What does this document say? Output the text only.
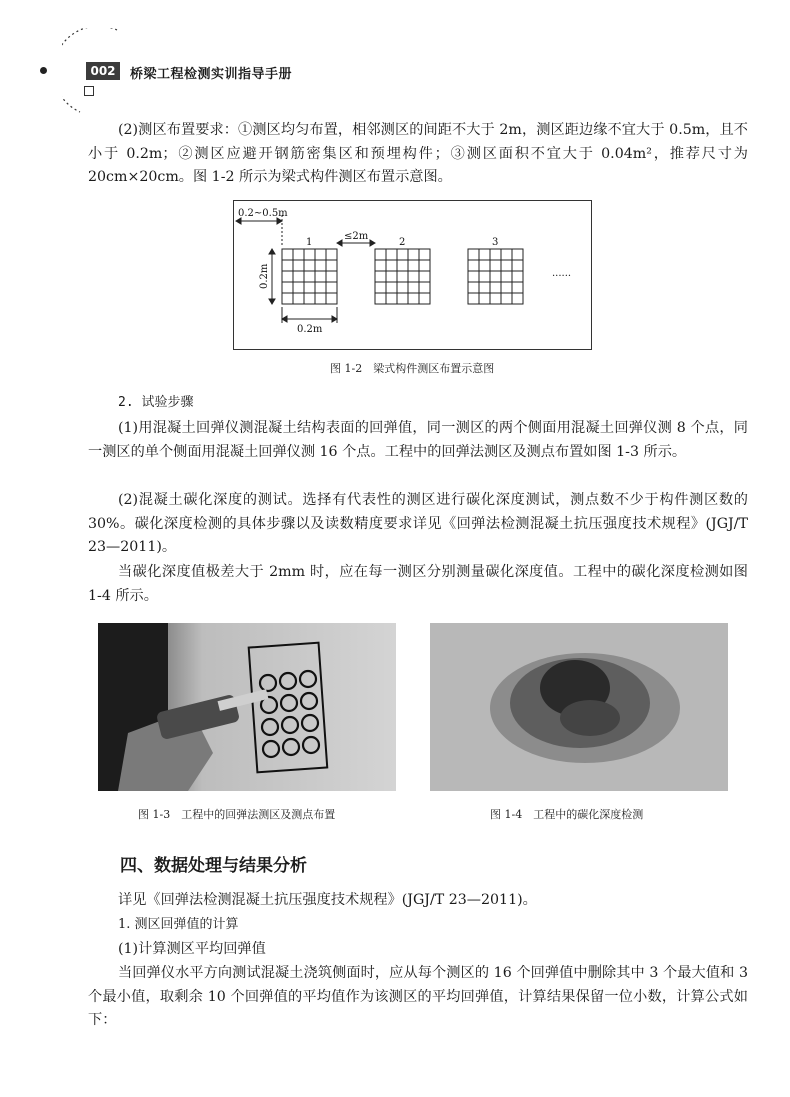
002	桥梁工程检测实训指导手册

(2)测区布置要求：①测区均匀布置，相邻测区的间距不大于 2m，测区距边缘不宜大于 0.5m，且不小于 0.2m；②测区应避开钢筋密集区和预埋构件；③测区面积不宜大于 0.04m²，推荐尺寸为 20cm×20cm。图 1-2 所示为梁式构件测区布置示意图。

0.2~0.5m
≤2m
1	2	3
......
0.2m
0.2m
图 1-2　梁式构件测区布置示意图

2. 试验步骤

(1)用混凝土回弹仪测混凝土结构表面的回弹值，同一测区的两个侧面用混凝土回弹仪测 8 个点，同一测区的单个侧面用混凝土回弹仪测 16 个点。工程中的回弹法测区及测点布置如图 1-3 所示。

(2)混凝土碳化深度的测试。选择有代表性的测区进行碳化深度测试，测点数不少于构件测区数的 30%。碳化深度检测的具体步骤以及读数精度要求详见《回弹法检测混凝土抗压强度技术规程》(JGJ/T 23—2011)。

当碳化深度值极差大于 2mm 时，应在每一测区分别测量碳化深度值。工程中的碳化深度检测如图 1-4 所示。

图 1-3　工程中的回弹法测区及测点布置	图 1-4　工程中的碳化深度检测
四、数据处理与结果分析

详见《回弹法检测混凝土抗压强度技术规程》(JGJ/T 23—2011)。

1. 测区回弹值的计算

(1)计算测区平均回弹值

当回弹仪水平方向测试混凝土浇筑侧面时，应从每个测区的 16 个回弹值中删除其中 3 个最大值和 3 个最小值，取剩余 10 个回弹值的平均值作为该测区的平均回弹值，计算结果保留一位小数，计算公式如下：
